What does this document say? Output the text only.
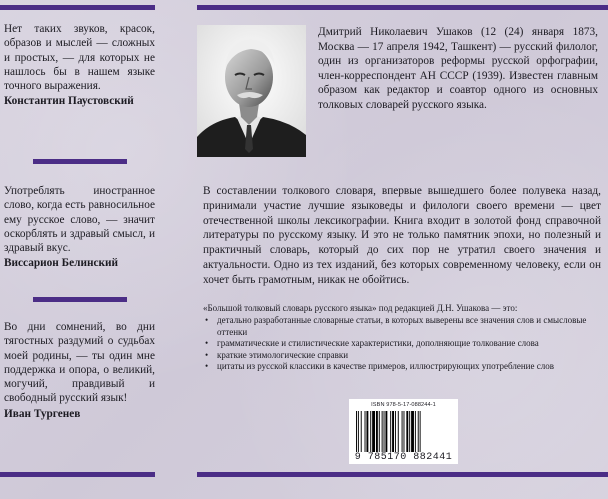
Нет таких звуков, красок, образов и мыслей — сложных и простых, — для которых не нашлось бы в нашем языке точного выражения.
Константин Паустовский
Употреблять иностранное слово, когда есть равносильное ему русское слово, — значит оскорблять и здравый смысл, и здравый вкус.
Виссарион Белинский
Во дни сомнений, во дни тягостных раздумий о судьбах моей родины, — ты один мне поддержка и опора, о великий, могучий, правдивый и свободный русский язык!
Иван Тургенев
Дмитрий Николаевич Ушаков (12 (24) января 1873, Москва — 17 апреля 1942, Ташкент) — русский филолог, один из организаторов реформы русской орфографии, член-корреспондент АН СССР (1939). Известен главным образом как редактор и соавтор одного из основных толковых словарей русского языка.
В составлении толкового словаря, впервые вышедшего более полувека назад, принимали участие лучшие языковеды и филологи своего времени — цвет отечественной школы лексикографии. Книга входит в золотой фонд справочной литературы по русскому языку. И это не только памятник эпохи, но полезный и практичный словарь, который до сих пор не утратил своего значения и актуальности. Одно из тех изданий, без которых современному человеку, если он хочет быть грамотным, никак не обойтись.
«Большой толковый словарь русского языка» под редакцией Д.Н. Ушакова — это:
• детально разработанные словарные статьи, в которых выверены все значения слов и смысловые оттенки
• грамматические и стилистические характеристики, дополняющие толкование слова
• краткие этимологические справки
• цитаты из русской классики в качестве примеров, иллюстрирующих употребление слов
ISBN 978-5-17-088244-1
9 785170 882441
